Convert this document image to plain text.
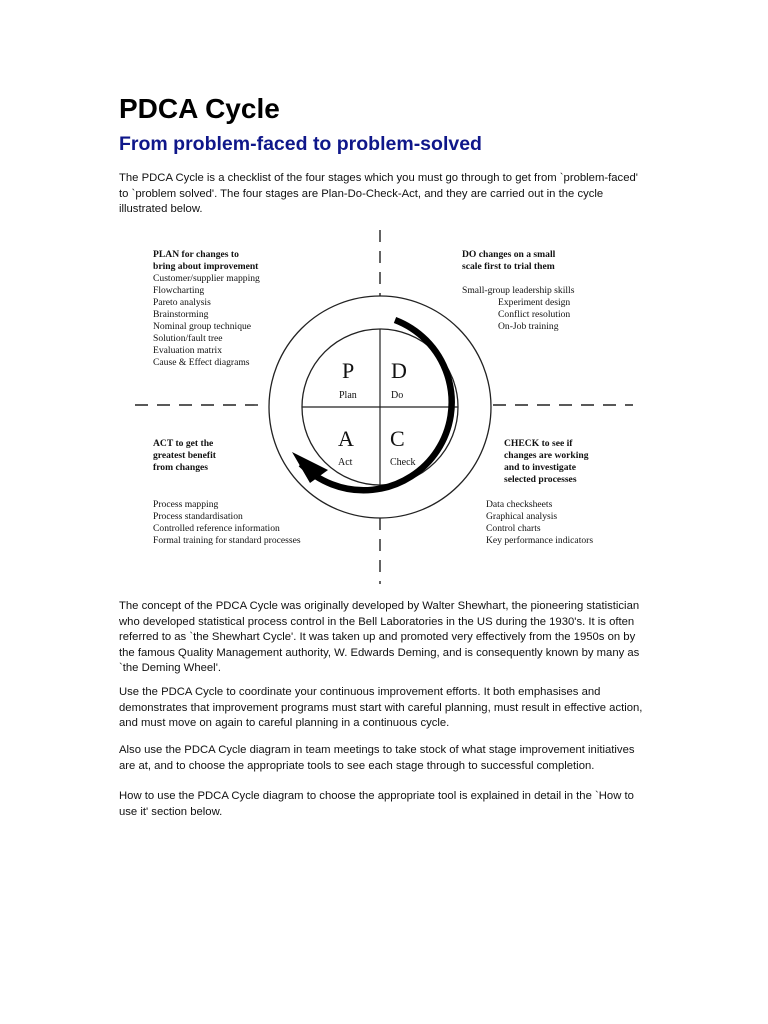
PDCA Cycle
From problem-faced to problem-solved

The PDCA Cycle is a checklist of the four stages which you must go through to get from `problem-faced' to `problem solved'. The four stages are Plan-Do-Check-Act, and they are carried out in the cycle illustrated below.

P
Plan
D
Do
A
Act
C
Check
PLAN for changes to
bring about improvement
Customer/supplier mapping
Flowcharting
Pareto analysis
Brainstorming
Nominal group technique
Solution/fault tree
Evaluation matrix
Cause & Effect diagrams
DO changes on a small
scale first to trial them
Small-group leadership skills
Experiment design
Conflict resolution
On-Job training
ACT to get the
greatest benefit
from changes
Process mapping
Process standardisation
Controlled reference information
Formal training for standard processes
CHECK to see if
changes are working
and to investigate
selected processes
Data checksheets
Graphical analysis
Control charts
Key performance indicators

The concept of the PDCA Cycle was originally developed by Walter Shewhart, the pioneering statistician who developed statistical process control in the Bell Laboratories in the US during the 1930's. It is often referred to as `the Shewhart Cycle'. It was taken up and promoted very effectively from the 1950s on by the famous Quality Management authority, W. Edwards Deming, and is consequently known by many as `the Deming Wheel'.

Use the PDCA Cycle to coordinate your continuous improvement efforts. It both emphasises and demonstrates that improvement programs must start with careful planning, must result in effective action, and must move on again to careful planning in a continuous cycle.

Also use the PDCA Cycle diagram in team meetings to take stock of what stage improvement initiatives are at, and to choose the appropriate tools to see each stage through to successful completion.

How to use the PDCA Cycle diagram to choose the appropriate tool is explained in detail in the `How to use it' section below.
